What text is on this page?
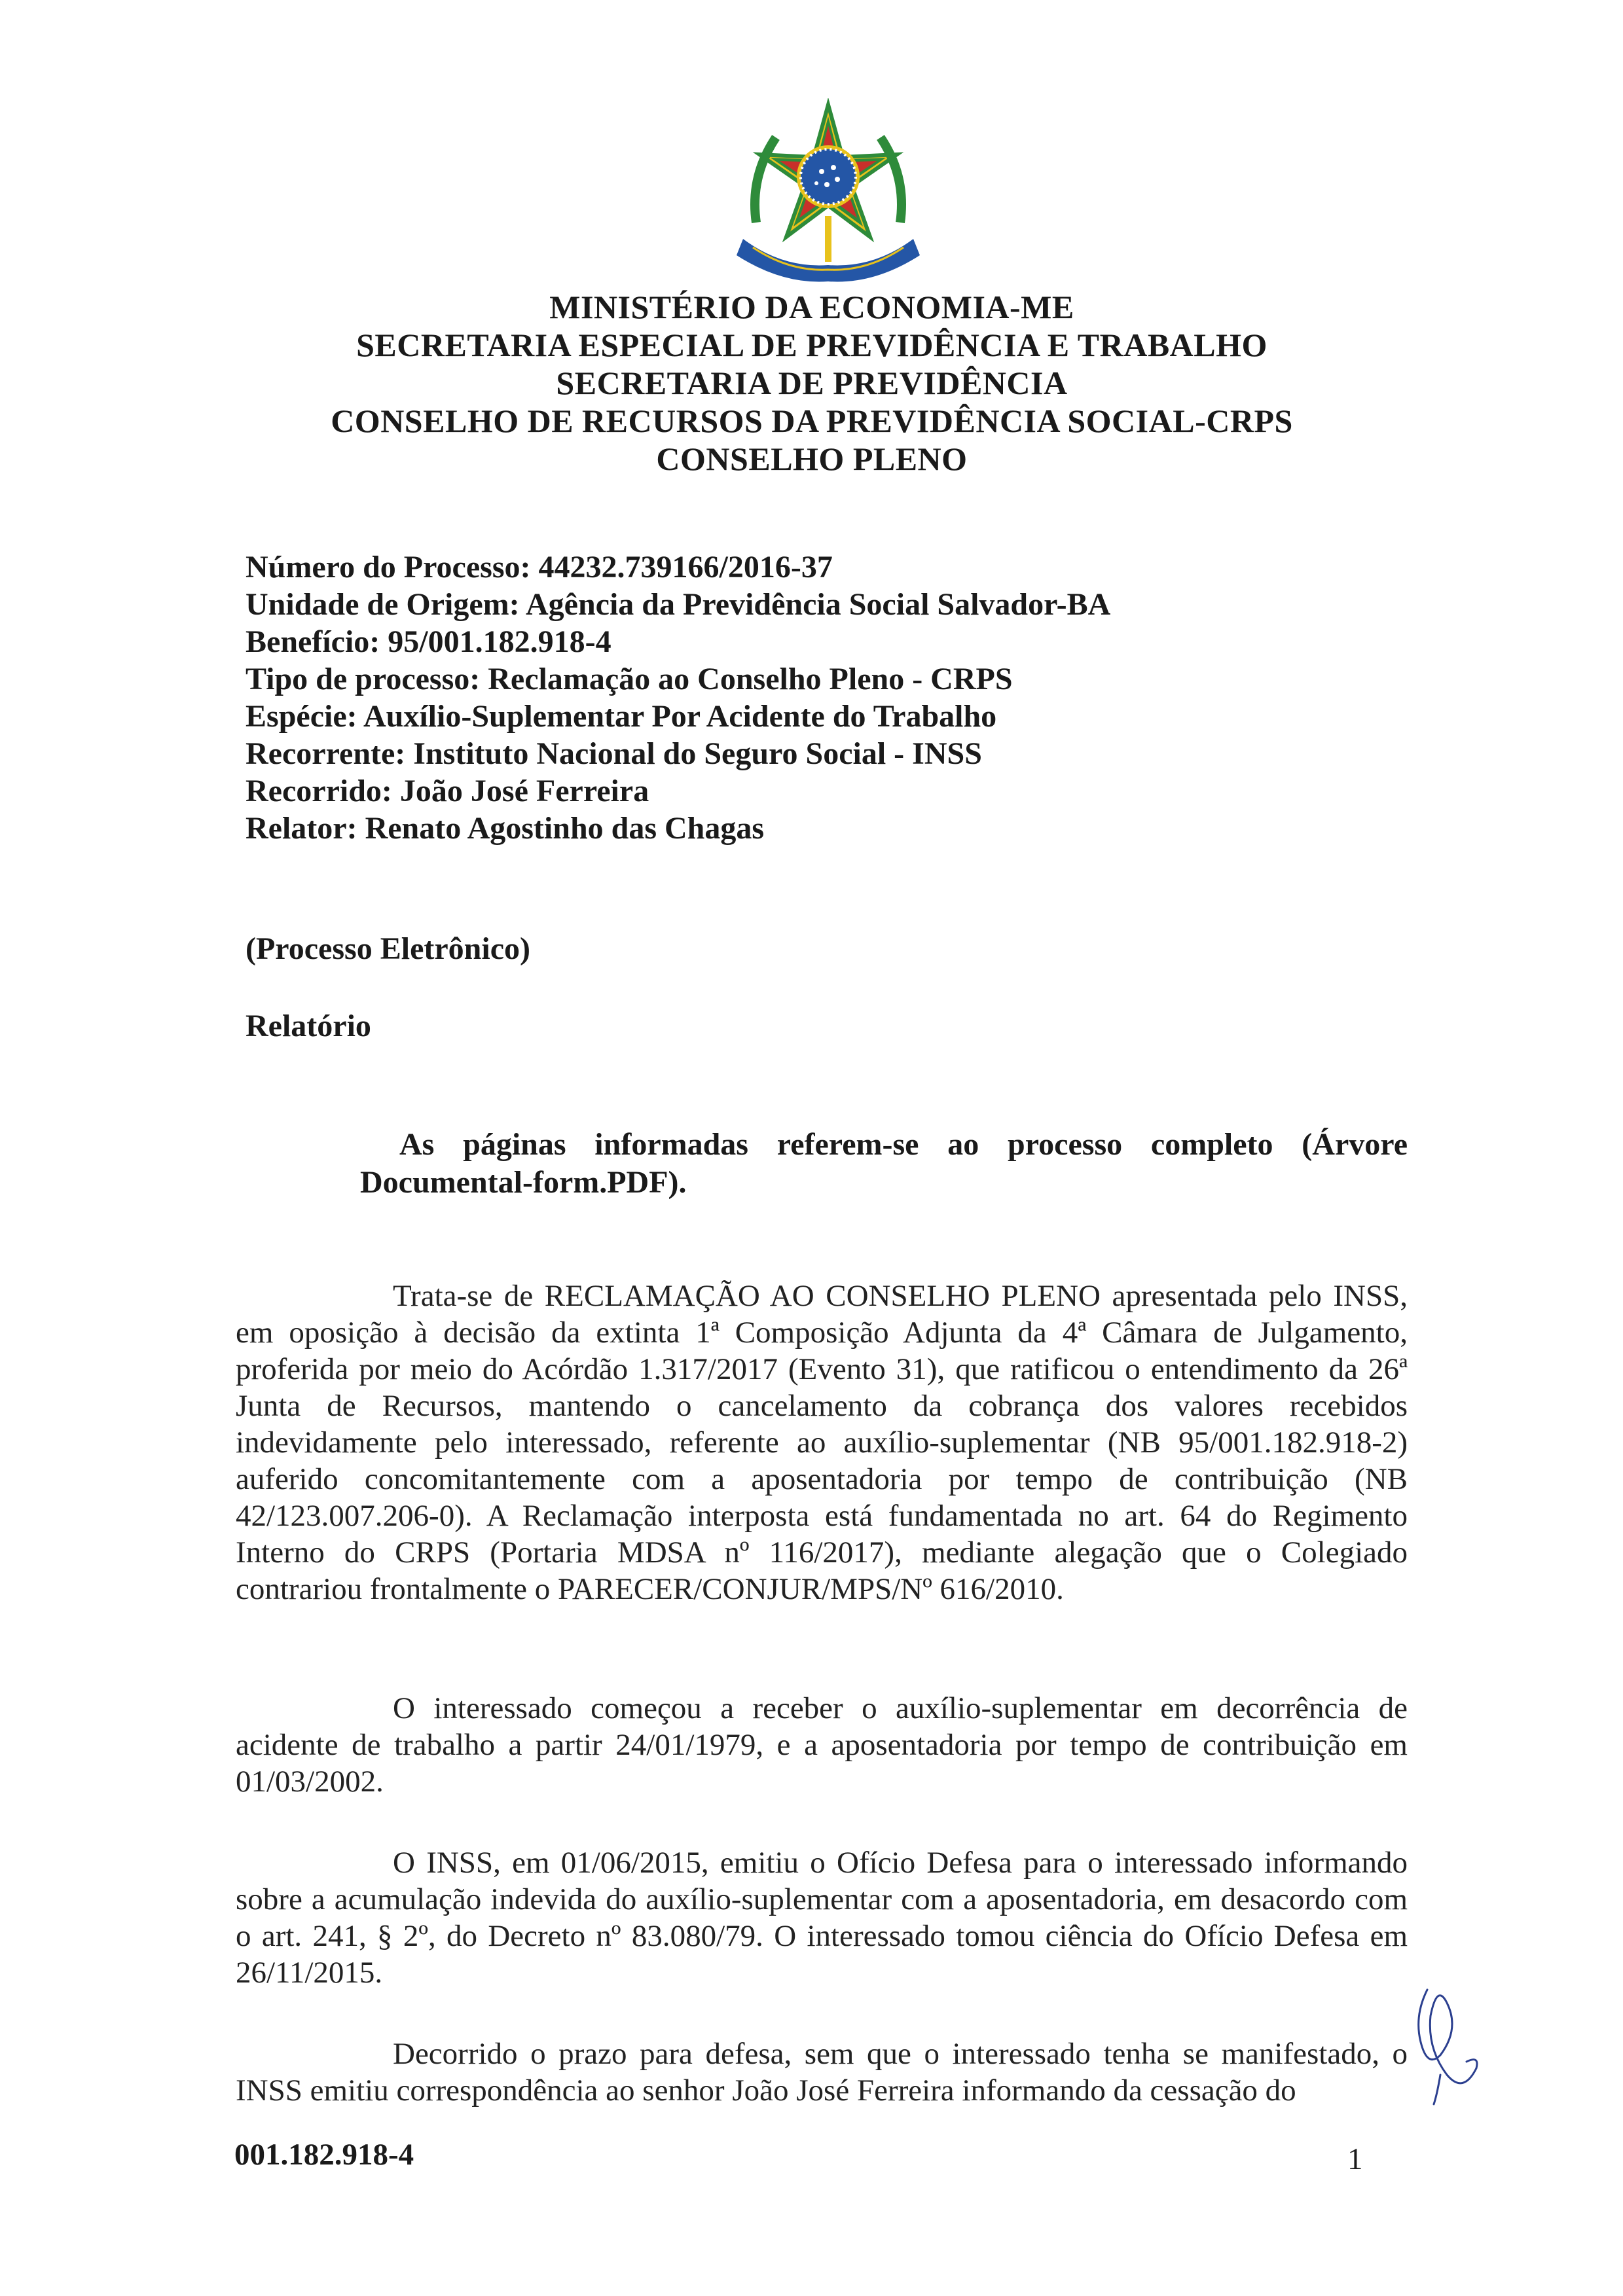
MINISTÉRIO DA ECONOMIA-ME
SECRETARIA ESPECIAL DE PREVIDÊNCIA E TRABALHO
SECRETARIA DE PREVIDÊNCIA
CONSELHO DE RECURSOS DA PREVIDÊNCIA SOCIAL-CRPS
CONSELHO PLENO
Número do Processo: 44232.739166/2016-37
Unidade de Origem: Agência da Previdência Social Salvador-BA
Benefício: 95/001.182.918-4
Tipo de processo: Reclamação ao Conselho Pleno - CRPS
Espécie: Auxílio-Suplementar Por Acidente do Trabalho
Recorrente: Instituto Nacional do Seguro Social - INSS
Recorrido: João José Ferreira
Relator: Renato Agostinho das Chagas
(Processo Eletrônico)
Relatório
As páginas informadas referem-se ao processo completo (Árvore Documental-form.PDF).

Trata-se de RECLAMAÇÃO AO CONSELHO PLENO apresentada pelo INSS, em oposição à decisão da extinta 1ª Composição Adjunta da 4ª Câmara de Julgamento, proferida por meio do Acórdão 1.317/2017 (Evento 31), que ratificou o entendimento da 26ª Junta de Recursos, mantendo o cancelamento da cobrança dos valores recebidos indevidamente pelo interessado, referente ao auxílio-suplementar (NB 95/001.182.918-2) auferido concomitantemente com a aposentadoria por tempo de contribuição (NB 42/123.007.206-0). A Reclamação interposta está fundamentada no art. 64 do Regimento Interno do CRPS (Portaria MDSA nº 116/2017), mediante alegação que o Colegiado contrariou frontalmente o PARECER/CONJUR/MPS/Nº 616/2010.

O interessado começou a receber o auxílio-suplementar em decorrência de acidente de trabalho a partir 24/01/1979, e a aposentadoria por tempo de contribuição em 01/03/2002.

O INSS, em 01/06/2015, emitiu o Ofício Defesa para o interessado informando sobre a acumulação indevida do auxílio-suplementar com a aposentadoria, em desacordo com o art. 241, § 2º, do Decreto nº 83.080/79. O interessado tomou ciência do Ofício Defesa em 26/11/2015.

Decorrido o prazo para defesa, sem que o interessado tenha se manifestado, o INSS emitiu correspondência ao senhor João José Ferreira informando da cessação do

001.182.918-4	1
